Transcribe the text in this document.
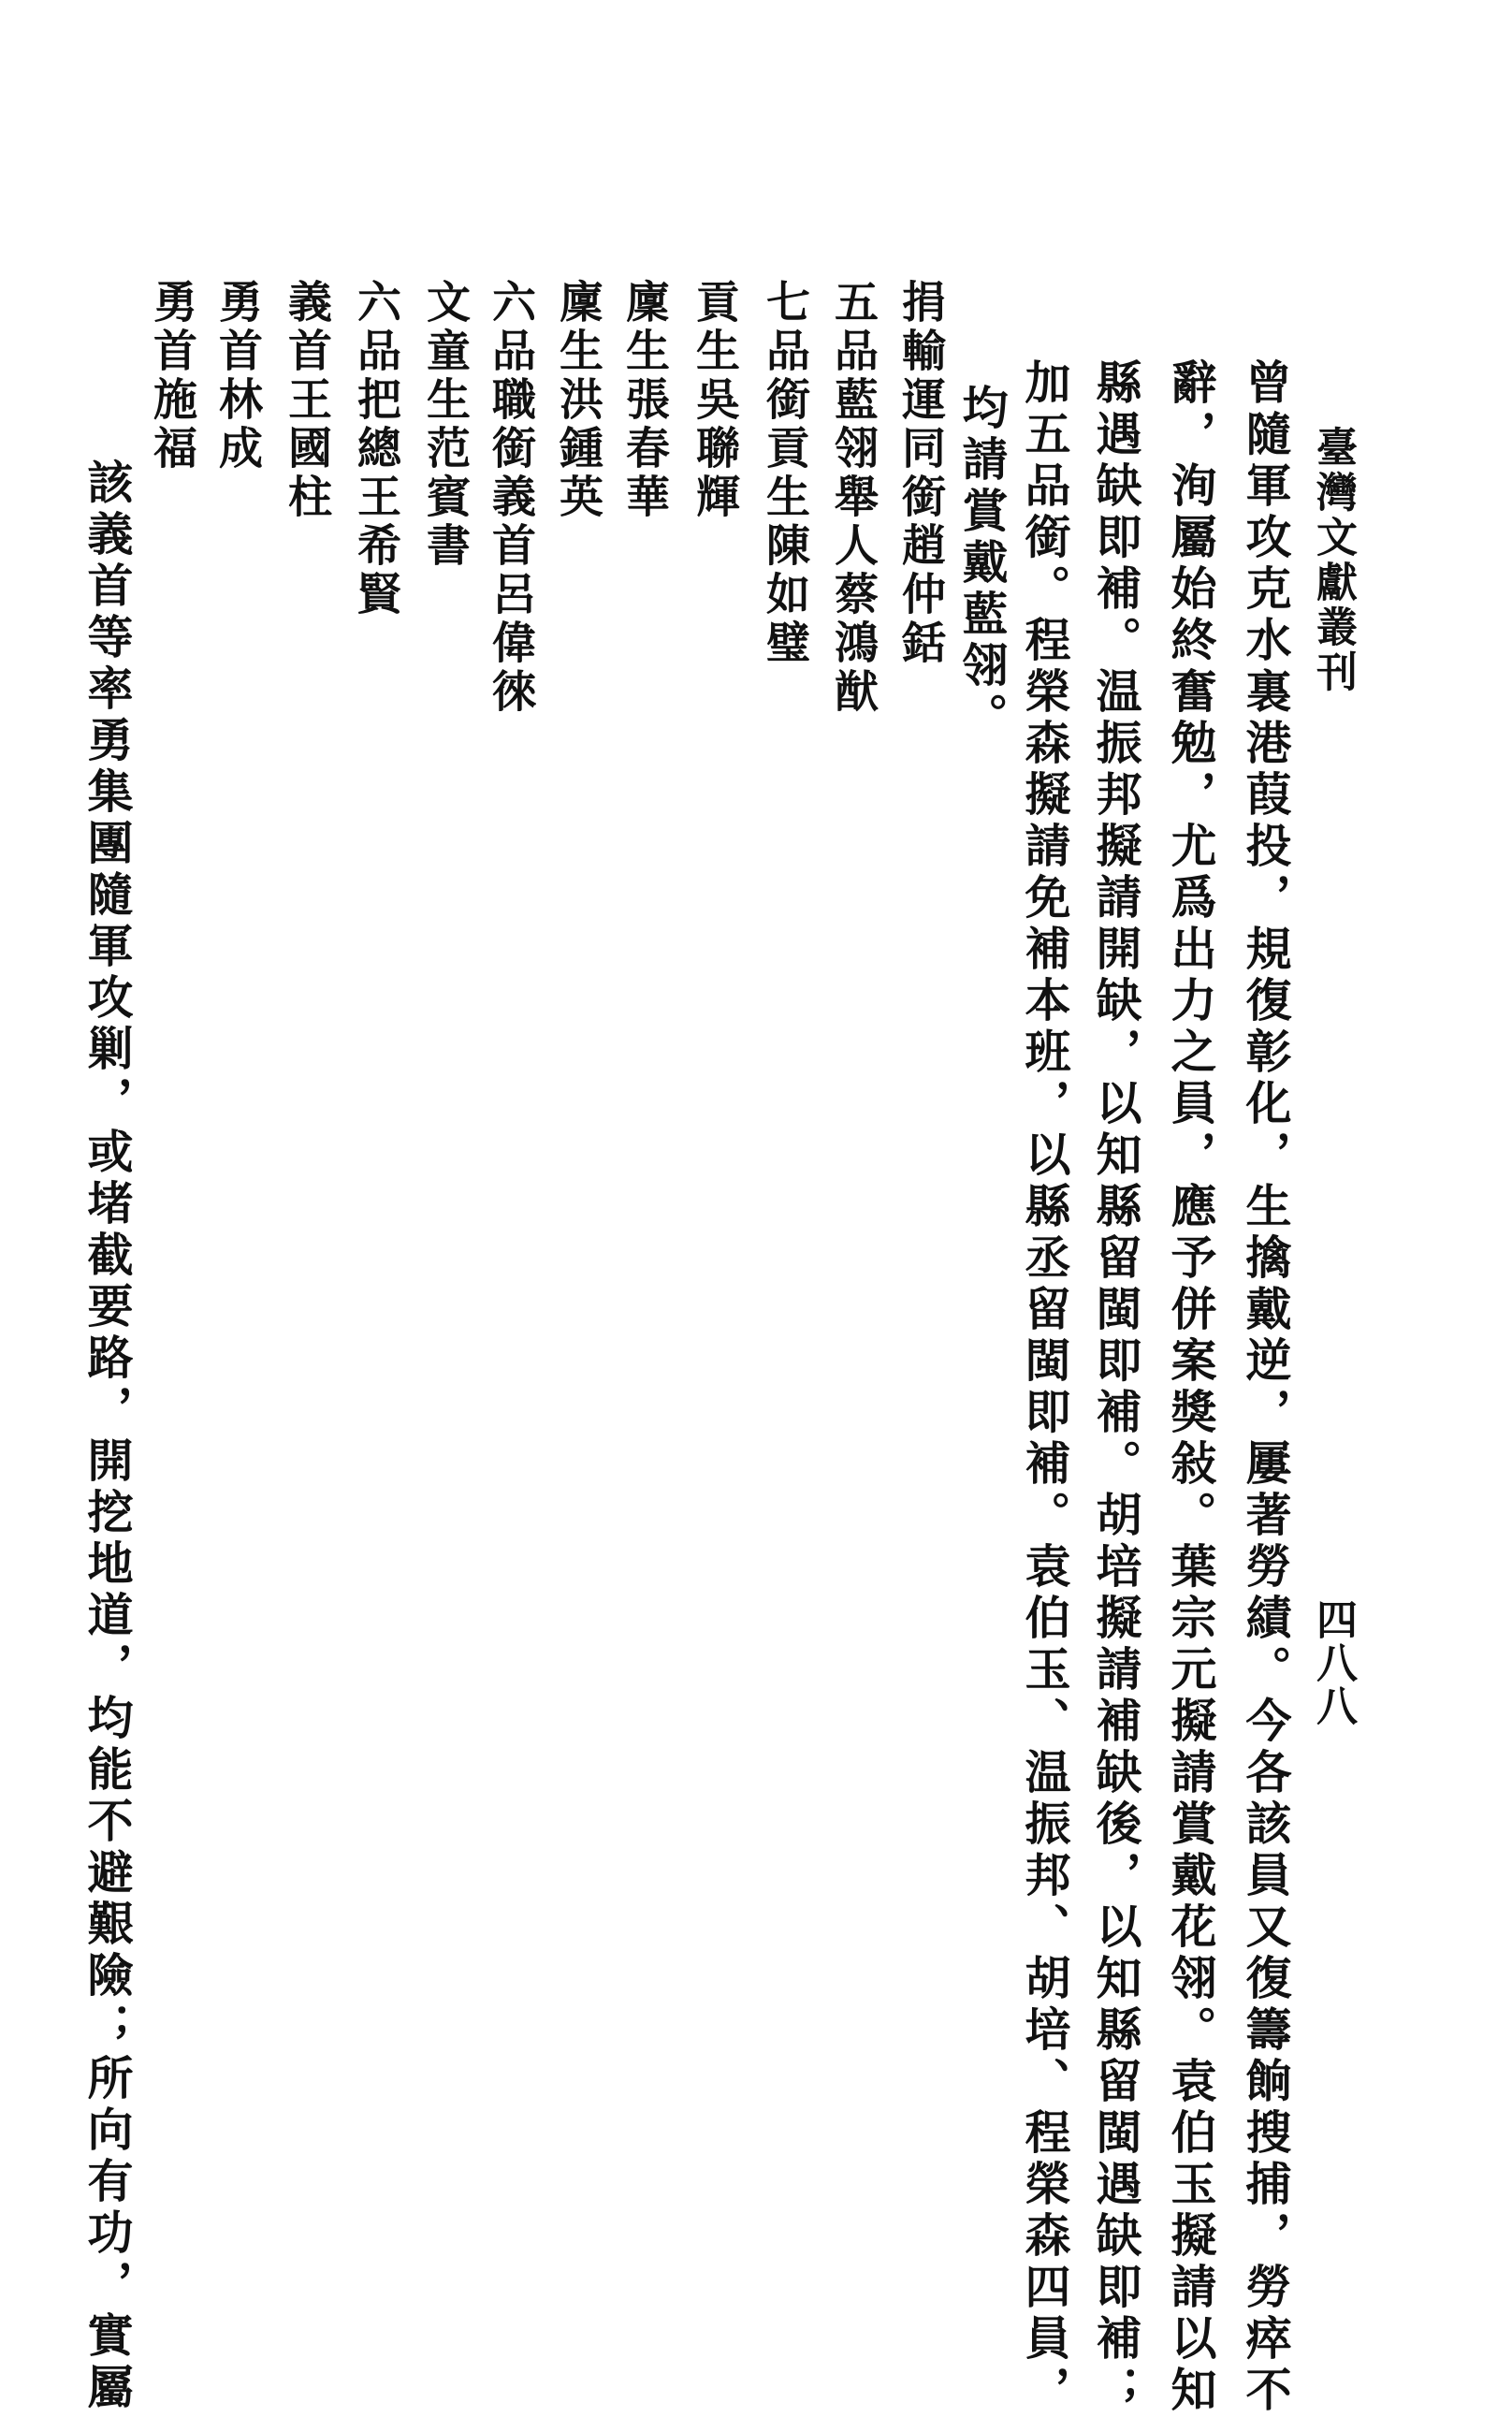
臺灣文獻叢刊
四八八
曾隨軍攻克水裏港葭投，規復彰化，生擒戴逆，屢著勞績。今各該員又復籌餉搜捕，勞瘁不
辭，洵屬始終奮勉，尤爲出力之員，應予併案獎敍。葉宗元擬請賞戴花翎。袁伯玉擬請以知
縣遇缺即補。温振邦擬請開缺，以知縣留閩即補。胡培擬請補缺後，以知縣留閩遇缺即補；
加五品銜。程榮森擬請免補本班，以縣丞留閩即補。袁伯玉、温振邦、胡培、程榮森四員，
均請賞戴藍翎。
捐輸運同銜趙仲銛
五品藍翎舉人蔡鴻猷
七品銜貢生陳如璧
貢生吳聯輝
廩生張春華
廩生洪鍾英
六品職銜義首呂偉徠
文童生范賓書
六品把總王希賢
義首王國柱
勇首林成
勇首施福
該義首等率勇集團隨軍攻剿，或堵截要路，開挖地道，均能不避艱險；所向有功，實屬
